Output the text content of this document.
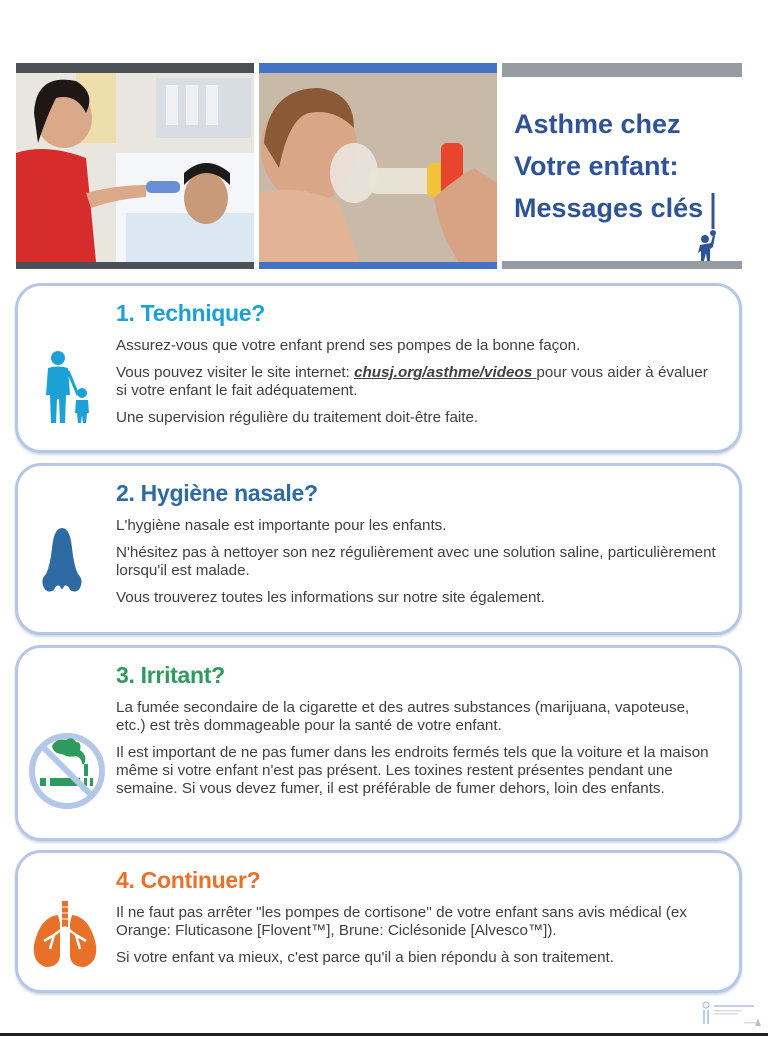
Asthme chez
Votre enfant:
Messages clés
1. Technique?

Assurez-vous que votre enfant prend ses pompes de la bonne façon.

Vous pouvez visiter le site internet: chusj.org/asthme/videos pour vous aider à évaluer si votre enfant le fait adéquatement.

Une supervision régulière du traitement doit-être faite.

2. Hygiène nasale?

L'hygiène nasale est importante pour les enfants.

N'hésitez pas à nettoyer son nez régulièrement avec une solution saline, particulièrement lorsqu'il est malade.

Vous trouverez toutes les informations sur notre site également.

3. Irritant?

La fumée secondaire de la cigarette et des autres substances (marijuana, vapoteuse, etc.) est très dommageable pour la santé de votre enfant.

Il est important de ne pas fumer dans les endroits fermés tels que la voiture et la maison même si votre enfant n'est pas présent. Les toxines restent présentes pendant une semaine. Si vous devez fumer, il est préférable de fumer dehors, loin des enfants.

4. Continuer?

Il ne faut pas arrêter "les pompes de cortisone'' de votre enfant sans avis médical (ex Orange: Fluticasone [Flovent™], Brune: Ciclésonide [Alvesco™]).

Si votre enfant va mieux, c'est parce qu'il a bien répondu à son traitement.
